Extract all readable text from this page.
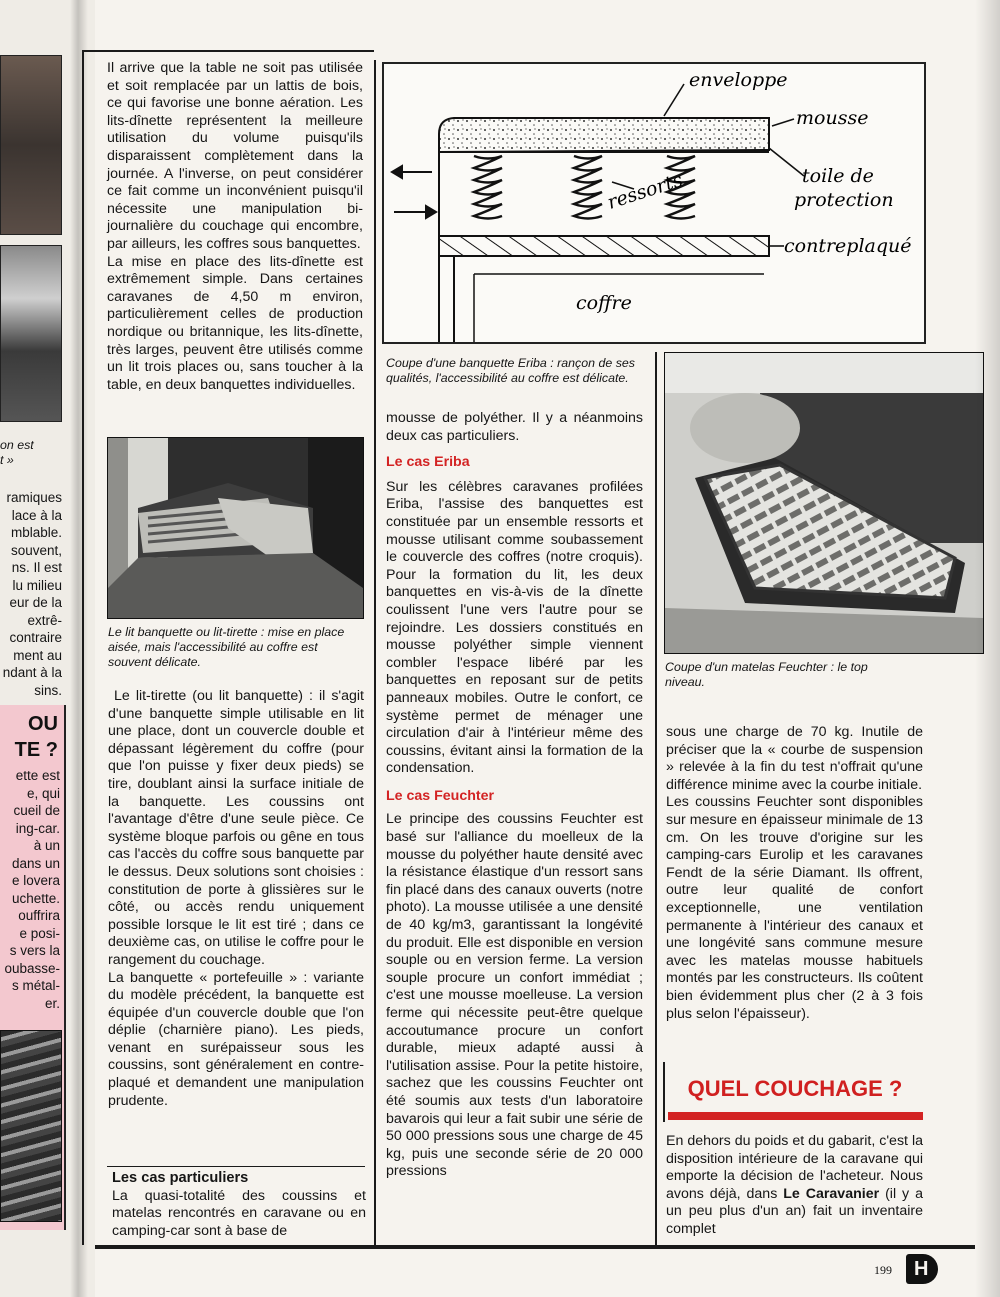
on est
t »
ramiques
lace à la
mblable.
souvent,
ns. Il est
lu milieu
eur de la
extrê-
contraire
ment au
ndant à la
sins.
OU
TE ?
ette est
e, qui
cueil de
ing-car.
à un
dans un
e lovera
uchette.
ouffrira
e posi-
s vers la
oubasse-
s métal-
er.

Il arrive que la table ne soit pas utilisée et soit remplacée par un lattis de bois, ce qui favorise une bonne aération. Les lits-dînette représentent la meilleure utilisation du volume puisqu'ils disparaissent complètement dans la journée. A l'inverse, on peut considérer ce fait comme un inconvénient puisqu'il nécessite une manipulation bi-journalière du couchage qui encombre, par ailleurs, les coffres sous banquettes.

La mise en place des lits-dînette est extrêmement simple. Dans certaines caravanes de 4,50 m environ, particulièrement celles de production nordique ou britannique, les lits-dînette, très larges, peuvent être utilisés comme un lit trois places ou, sans toucher à la table, en deux banquettes individuelles.

Le lit banquette ou lit-tirette : mise en place aisée, mais l'accessibilité au coffre est souvent délicate.

Le lit-tirette (ou lit banquette) : il s'agit d'une banquette simple utilisable en lit une place, dont un couvercle double et dépassant légèrement du coffre (pour que l'on puisse y fixer deux pieds) se tire, doublant ainsi la surface initiale de la banquette. Les coussins ont l'avantage d'être d'une seule pièce. Ce système bloque parfois ou gêne en tous cas l'accès du coffre sous banquette par le dessus. Deux solutions sont choisies : constitution de porte à glissières sur le côté, ou accès rendu uniquement possible lorsque le lit est tiré ; dans ce deuxième cas, on utilise le coffre pour le rangement du couchage.

La banquette « portefeuille » : variante du modèle précédent, la banquette est équipée d'un couvercle double que l'on déplie (charnière piano). Les pieds, venant en surépaisseur sous les coussins, sont généralement en contre-plaqué et demandent une manipulation prudente.

Les cas particuliers

La quasi-totalité des coussins et matelas rencontrés en caravane ou en camping-car sont à base de

enveloppe
mousse
toile de
protection
ressorts
contreplaqué
coffre
Coupe d'une banquette Eriba : rançon de ses qualités, l'accessibilité au coffre est délicate.

mousse de polyéther. Il y a néanmoins deux cas particuliers.

Le cas Eriba

Sur les célèbres caravanes profilées Eriba, l'assise des banquettes est constituée par un ensemble ressorts et mousse utilisant comme soubassement le couvercle des coffres (notre croquis). Pour la formation du lit, les deux banquettes en vis-à-vis de la dînette coulissent l'une vers l'autre pour se rejoindre. Les dossiers constitués en mousse polyéther simple viennent combler l'espace libéré par les banquettes en reposant sur de petits panneaux mobiles. Outre le confort, ce système permet de ménager une circulation d'air à l'intérieur même des coussins, évitant ainsi la formation de la condensation.

Le cas Feuchter

Le principe des coussins Feuchter est basé sur l'alliance du moelleux de la mousse du polyéther haute densité avec la résistance élastique d'un ressort sans fin placé dans des canaux ouverts (notre photo). La mousse utilisée a une densité de 40 kg/m3, garantissant la longévité du produit. Elle est disponible en version souple ou en version ferme. La version souple procure un confort immédiat ; c'est une mousse moelleuse. La version ferme qui nécessite peut-être quelque accoutumance procure un confort durable, mieux adapté aussi à l'utilisation assise. Pour la petite histoire, sachez que les coussins Feuchter ont été soumis aux tests d'un laboratoire bavarois qui leur a fait subir une série de 50 000 pressions sous une charge de 45 kg, puis une seconde série de 20 000 pressions

Coupe d'un matelas Feuchter : le top niveau.

sous une charge de 70 kg. Inutile de préciser que la « courbe de suspension » relevée à la fin du test n'offrait qu'une différence minime avec la courbe initiale.

Les coussins Feuchter sont disponibles sur mesure en épaisseur minimale de 13 cm. On les trouve d'origine sur les camping-cars Eurolip et les caravanes Fendt de la série Diamant. Ils offrent, outre leur qualité de confort exceptionnelle, une ventilation permanente à l'intérieur des canaux et une longévité sans commune mesure avec les matelas mousse habituels montés par les constructeurs. Ils coûtent bien évidemment plus cher (2 à 3 fois plus selon l'épaisseur).

QUEL COUCHAGE ?

En dehors du poids et du gabarit, c'est la disposition intérieure de la caravane qui emporte la décision de l'acheteur. Nous avons déjà, dans Le Caravanier (il y a un peu plus d'un an) fait un inventaire complet

199	H
